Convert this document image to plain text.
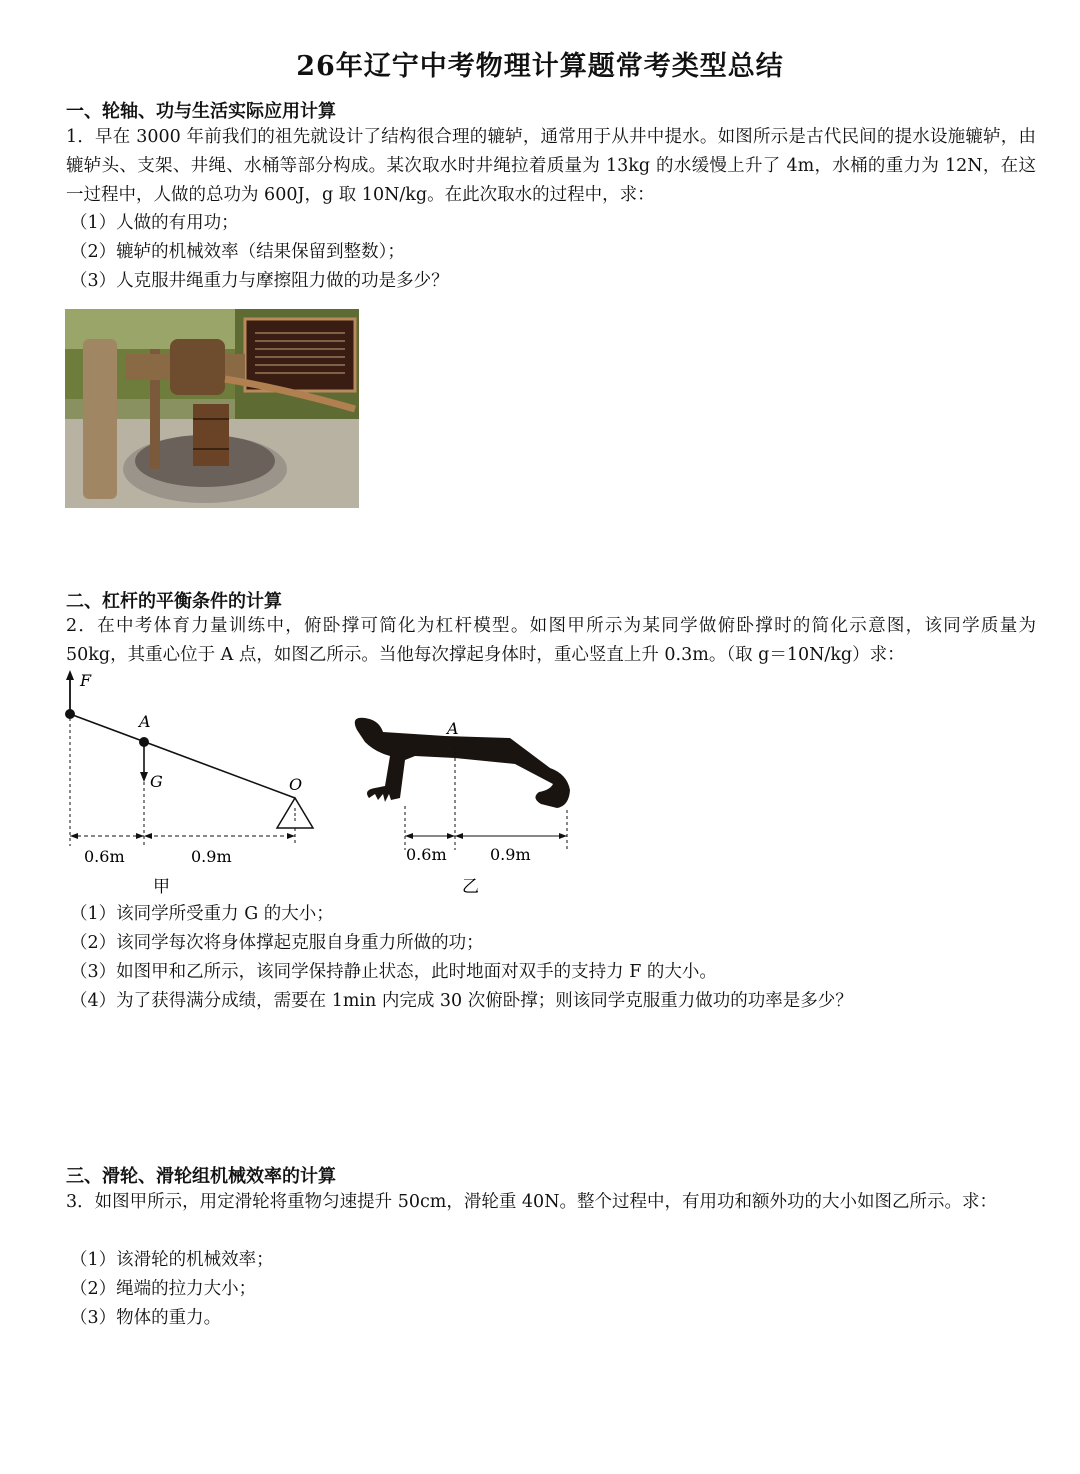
26年辽宁中考物理计算题常考类型总结
一、轮轴、功与生活实际应用计算
1．早在 3000 年前我们的祖先就设计了结构很合理的辘轳，通常用于从井中提水。如图所示是古代民间的提水设施辘轳，由辘轳头、支架、井绳、水桶等部分构成。某次取水时井绳拉着质量为 13kg 的水缓慢上升了 4m，水桶的重力为 12N，在这一过程中，人做的总功为 600J，g 取 10N/kg。在此次取水的过程中，求：
（1）人做的有用功；
（2）辘轳的机械效率（结果保留到整数）；
（3）人克服井绳重力与摩擦阻力做的功是多少？
二、杠杆的平衡条件的计算
2．在中考体育力量训练中，俯卧撑可简化为杠杆模型。如图甲所示为某同学做俯卧撑时的简化示意图，该同学质量为 50kg，其重心位于 A 点，如图乙所示。当他每次撑起身体时，重心竖直上升 0.3m。（取 g＝10N/kg）求：
F
A
G	O
0.6m	0.9m
甲
A
0.6m	0.9m
乙
（1）该同学所受重力 G 的大小；
（2）该同学每次将身体撑起克服自身重力所做的功；
（3）如图甲和乙所示，该同学保持静止状态，此时地面对双手的支持力 F 的大小。
（4）为了获得满分成绩，需要在 1min 内完成 30 次俯卧撑；则该同学克服重力做功的功率是多少？
三、滑轮、滑轮组机械效率的计算
3．如图甲所示，用定滑轮将重物匀速提升 50cm，滑轮重 40N。整个过程中，有用功和额外功的大小如图乙所示。求：
（1）该滑轮的机械效率；
（2）绳端的拉力大小；
（3）物体的重力。
